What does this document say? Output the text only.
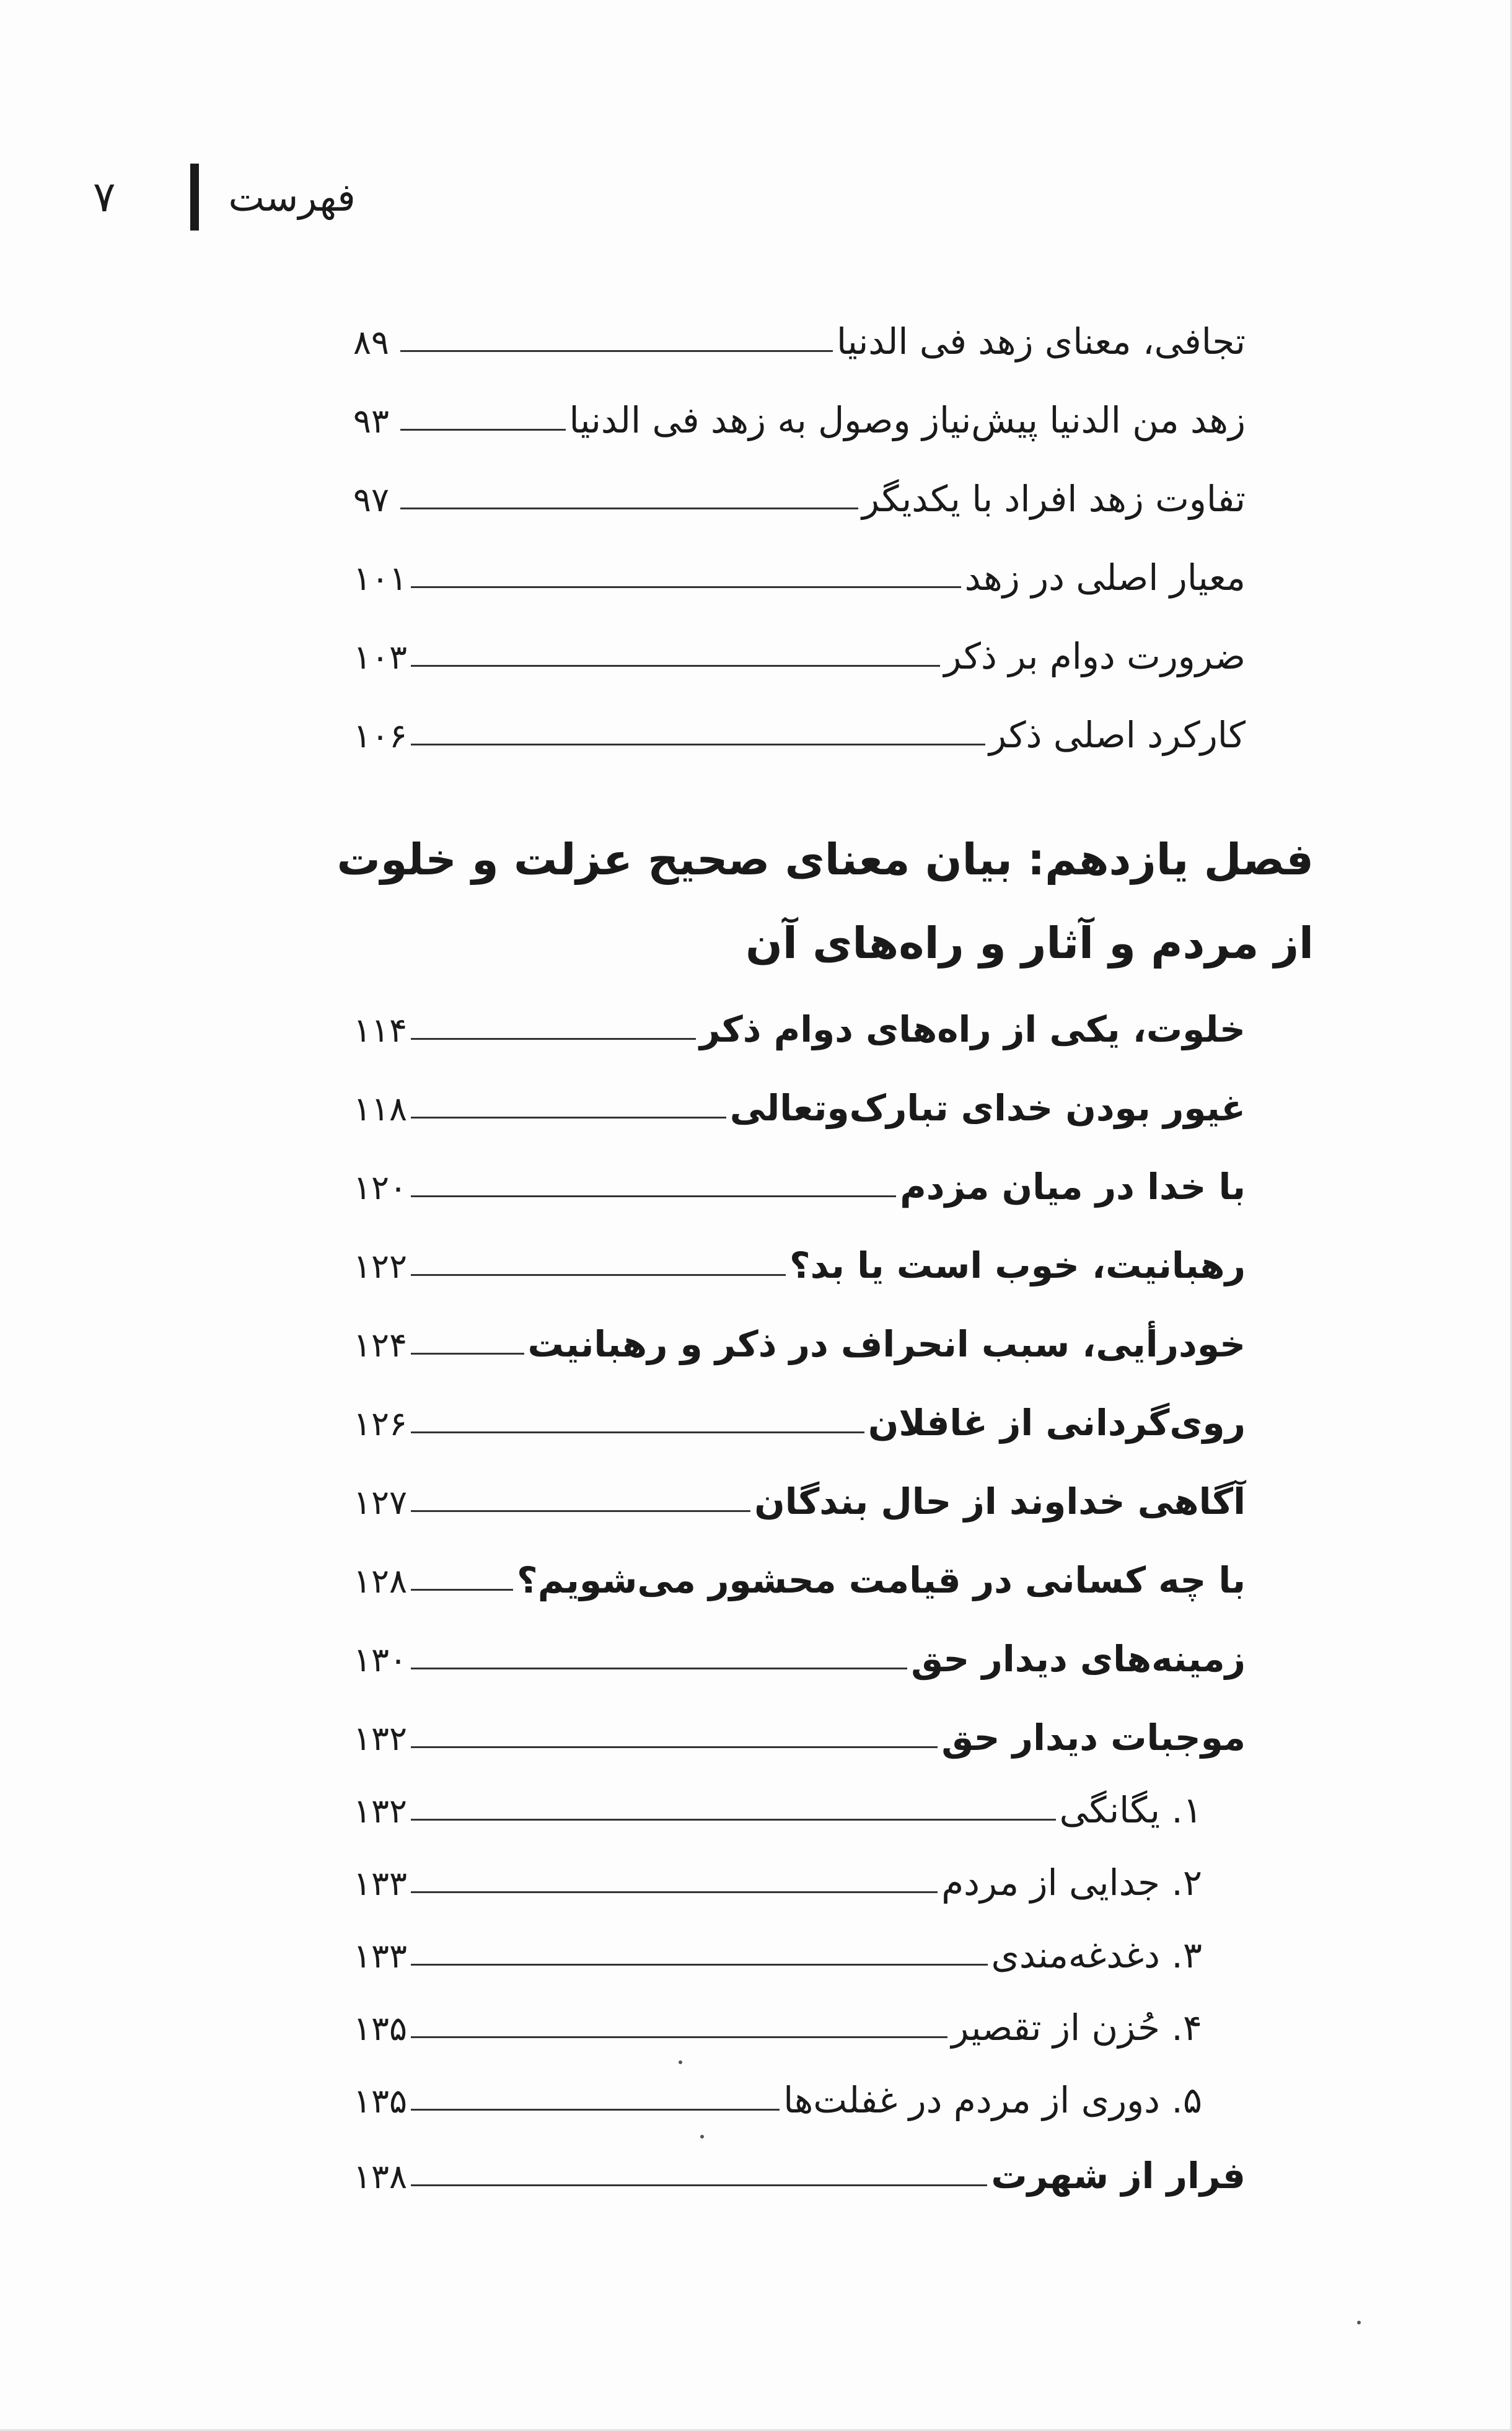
۷	فهرست
تجافی، معنای زهد فی الدنیا
۸۹
زهد من الدنیا پیش‌نیاز وصول به زهد فی الدنیا
۹۳
تفاوت زهد افراد با یکدیگر
۹۷
معیار اصلی در زهد
۱۰۱
ضرورت دوام بر ذکر
۱۰۳
کارکرد اصلی ذکر
۱۰۶
خلوت، یکی از راه‌های دوام ذکر
۱۱۴
غیور بودن خدای تبارک‌وتعالی
۱۱۸
با خدا در میان مزدم
۱۲۰
رهبانیت، خوب است یا بد؟
۱۲۲
خودرأیی، سبب انحراف در ذکر و رهبانیت
۱۲۴
روی‌گردانی از غافلان
۱۲۶
آگاهی خداوند از حال بندگان
۱۲۷
با چه کسانی در قیامت محشور می‌شویم؟
۱۲۸
زمینه‌های دیدار حق
۱۳۰
موجبات دیدار حق
۱۳۲
۱. یگانگی
۱۳۲
۲. جدایی از مردم
۱۳۳
۳. دغدغه‌مندی
۱۳۳
۴. حُزن از تقصیر
۱۳۵
۵. دوری از مردم در غفلت‌ها
۱۳۵
فرار از شهرت
۱۳۸
فصل یازدهم: بیان معنای صحیح عزلت و خلوت از مردم و آثار و راه‌های آن
